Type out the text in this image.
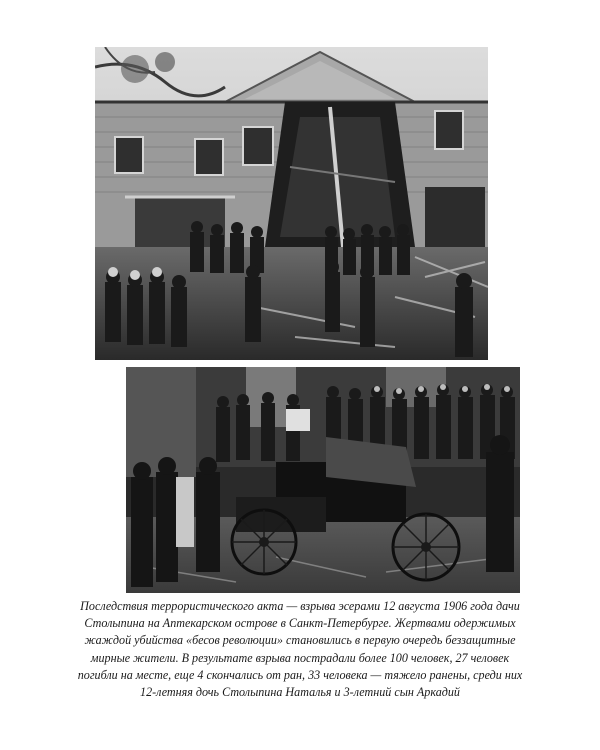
Последствия террористического акта — взрыва эсерами 12 августа 1906 года дачи Столыпина на Аптекарском острове в Санкт-Петербурге. Жертвами одержимых жаждой убийства «бесов революции» становились в первую очередь беззащитные мирные жители. В результате взрыва пострадали более 100 человек, 27 человек погибли на месте, еще 4 скончались от ран, 33 человека — тяжело ранены, среди них 12-летняя дочь Столыпина Наталья и 3-летний сын Аркадий
